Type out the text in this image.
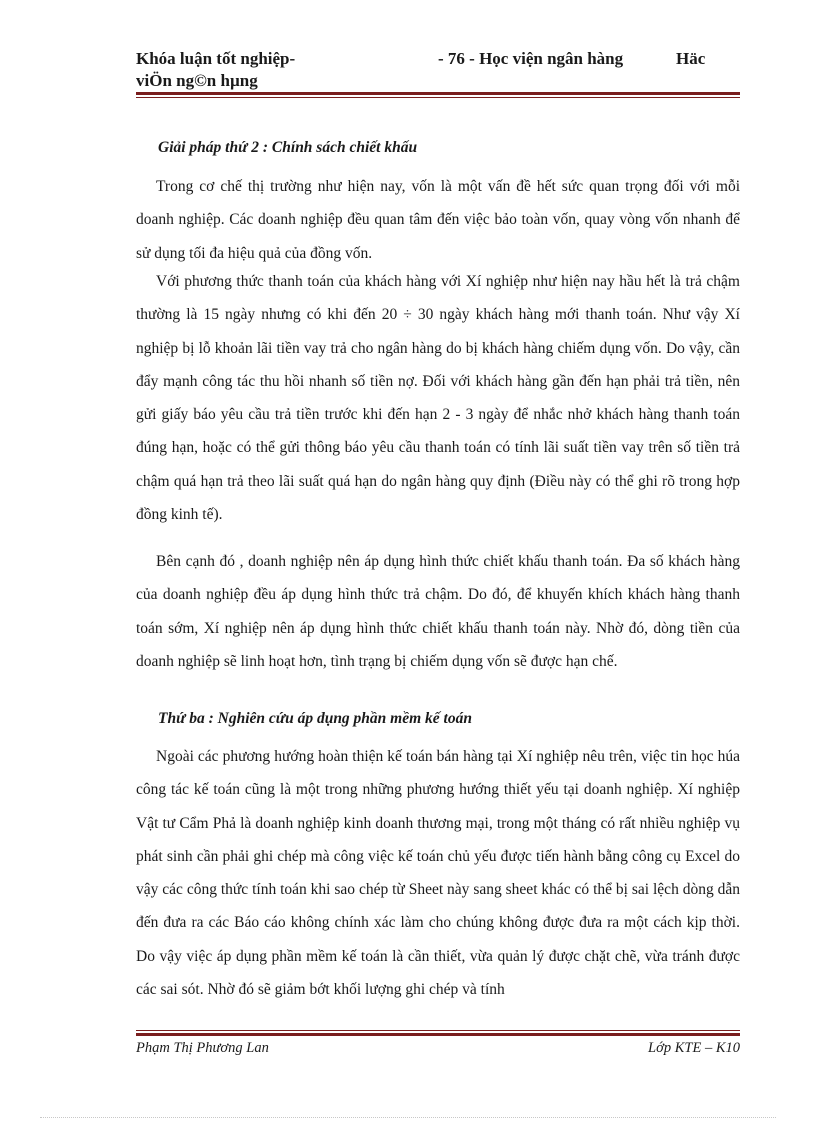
Khóa luận tốt nghiệp-
viÖn ng©n hµng
- 76 - Học viện ngân hàng	Häc
Giải pháp thứ 2 : Chính sách chiết khấu
Trong cơ chế thị trường như hiện nay, vốn là một vấn đề hết sức quan trọng đối với mỗi doanh nghiệp. Các doanh nghiệp đều quan tâm đến việc bảo toàn vốn, quay vòng vốn nhanh để sử dụng tối đa hiệu quả của đồng vốn.
Với phương thức thanh toán của khách hàng với Xí nghiệp như hiện nay hầu hết là trả chậm thường là 15 ngày nhưng có khi đến 20 ÷ 30 ngày khách hàng mới thanh toán. Như vậy Xí nghiệp bị lỗ khoản lãi tiền vay trả cho ngân hàng do bị khách hàng chiếm dụng vốn. Do vậy, cần đẩy mạnh công tác thu hồi nhanh số tiền nợ. Đối với khách hàng gần đến hạn phải trả tiền, nên gửi giấy báo yêu cầu trả tiền trước khi đến hạn 2 - 3 ngày để nhắc nhở khách hàng thanh toán đúng hạn, hoặc có thể gửi thông báo yêu cầu thanh toán có tính lãi suất tiền vay trên số tiền trả chậm quá hạn trả theo lãi suất quá hạn do ngân hàng quy định (Điều này có thể ghi rõ trong hợp đồng kinh tế).
Bên cạnh đó , doanh nghiệp nên áp dụng hình thức chiết khấu thanh toán. Đa số khách hàng của doanh nghiệp đều áp dụng hình thức trả chậm. Do đó, để khuyến khích khách hàng thanh toán sớm, Xí nghiệp nên áp dụng hình thức chiết khấu thanh toán này. Nhờ đó, dòng tiền của doanh nghiệp sẽ linh hoạt hơn, tình trạng bị chiếm dụng vốn sẽ được hạn chế.
Thứ ba : Nghiên cứu áp dụng phần mềm kế toán
Ngoài các phương hướng hoàn thiện kế toán bán hàng tại Xí nghiệp nêu trên, việc tin học húa công tác kế toán cũng là một trong những phương hướng thiết yếu tại doanh nghiệp. Xí nghiệp Vật tư Cẩm Phả là doanh nghiệp kinh doanh thương mại, trong một tháng có rất nhiều nghiệp vụ phát sinh cần phải ghi chép mà công việc kế toán chủ yếu được tiến hành bằng công cụ Excel do vậy các công thức tính toán khi sao chép từ Sheet này sang sheet khác có thể bị sai lệch dòng dẫn đến đưa ra các Báo cáo không chính xác làm cho chúng không được đưa ra một cách kịp thời. Do vậy việc áp dụng phần mềm kế toán là cần thiết, vừa quản lý được chặt chẽ, vừa tránh được các sai sót. Nhờ đó sẽ giảm bớt khối lượng ghi chép và tính
Phạm Thị Phương Lan	Lớp KTE – K10
